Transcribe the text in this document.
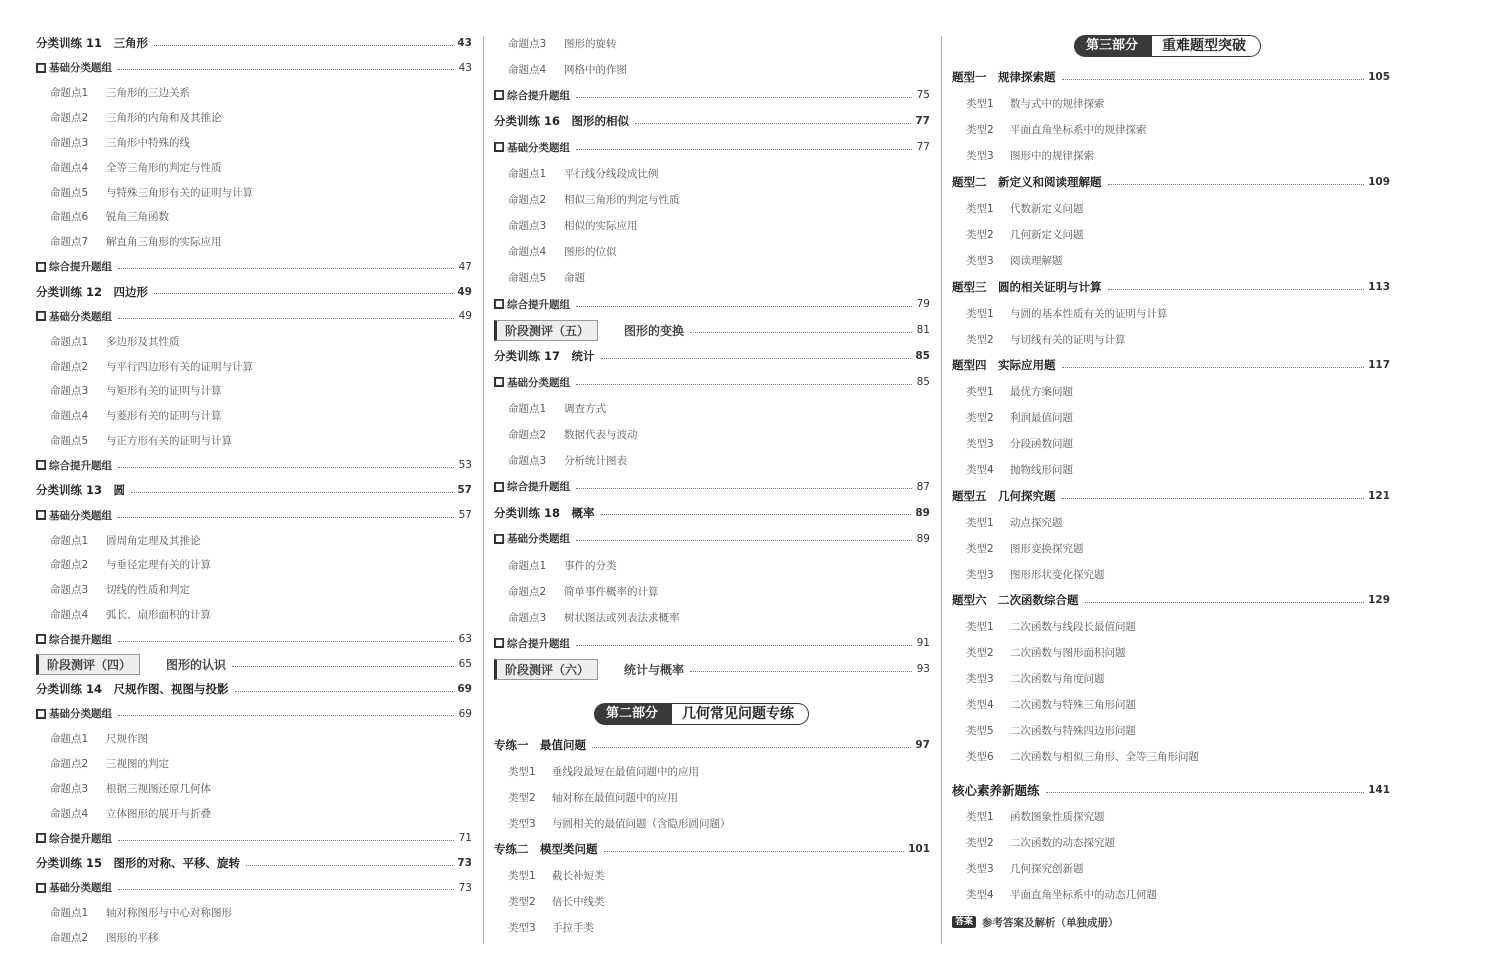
分类训练 11　三角形	43
■ 基础分类题组	43
命题点1	三角形的三边关系
命题点2	三角形的内角和及其推论
命题点3	三角形中特殊的线
命题点4	全等三角形的判定与性质
命题点5	与特殊三角形有关的证明与计算
命题点6	锐角三角函数
命题点7	解直角三角形的实际应用
■ 综合提升题组	47
分类训练 12　四边形	49
■ 基础分类题组	49
命题点1	多边形及其性质
命题点2	与平行四边形有关的证明与计算
命题点3	与矩形有关的证明与计算
命题点4	与菱形有关的证明与计算
命题点5	与正方形有关的证明与计算
■ 综合提升题组	53
分类训练 13　圆	57
■ 基础分类题组	57
命题点1	圆周角定理及其推论
命题点2	与垂径定理有关的计算
命题点3	切线的性质和判定
命题点4	弧长、扇形面积的计算
■ 综合提升题组	63
阶段测评（四）	图形的认识	65
分类训练 14　尺规作图、视图与投影	69
■ 基础分类题组	69
命题点1	尺规作图
命题点2	三视图的判定
命题点3	根据三视图还原几何体
命题点4	立体图形的展开与折叠
■ 综合提升题组	71
分类训练 15　图形的对称、平移、旋转	73
■ 基础分类题组	73
命题点1	轴对称图形与中心对称图形
命题点2	图形的平移
命题点3	图形的旋转
命题点4	网格中的作图
■ 综合提升题组	75
分类训练 16　图形的相似	77
■ 基础分类题组	77
命题点1	平行线分线段成比例
命题点2	相似三角形的判定与性质
命题点3	相似的实际应用
命题点4	图形的位似
命题点5	命题
■ 综合提升题组	79
阶段测评（五）	图形的变换	81
分类训练 17　统计	85
■ 基础分类题组	85
命题点1	调查方式
命题点2	数据代表与波动
命题点3	分析统计图表
■ 综合提升题组	87
分类训练 18　概率	89
■ 基础分类题组	89
命题点1	事件的分类
命题点2	简单事件概率的计算
命题点3	树状图法或列表法求概率
■ 综合提升题组	91
阶段测评（六）	统计与概率	93
第二部分	几何常见问题专练
专练一　最值问题	97
类型1	垂线段最短在最值问题中的应用
类型2	轴对称在最值问题中的应用
类型3	与圆相关的最值问题（含隐形圆问题）
专练二　模型类问题	101
类型1	截长补短类
类型2	倍长中线类
类型3	手拉手类
第三部分	重难题型突破
题型一　规律探索题	105
类型1	数与式中的规律探索
类型2	平面直角坐标系中的规律探索
类型3	图形中的规律探索
题型二　新定义和阅读理解题	109
类型1	代数新定义问题
类型2	几何新定义问题
类型3	阅读理解题
题型三　圆的相关证明与计算	113
类型1	与圆的基本性质有关的证明与计算
类型2	与切线有关的证明与计算
题型四　实际应用题	117
类型1	最优方案问题
类型2	利润最值问题
类型3	分段函数问题
类型4	抛物线形问题
题型五　几何探究题	121
类型1	动点探究题
类型2	图形变换探究题
类型3	图形形状变化探究题
题型六　二次函数综合题	129
类型1	二次函数与线段长最值问题
类型2	二次函数与图形面积问题
类型3	二次函数与角度问题
类型4	二次函数与特殊三角形问题
类型5	二次函数与特殊四边形问题
类型6	二次函数与相似三角形、全等三角形问题
核心素养新题练	141
类型1	函数图象性质探究题
类型2	二次函数的动态探究题
类型3	几何探究创新题
类型4	平面直角坐标系中的动态几何题
答案 参考答案及解析（单独成册）
